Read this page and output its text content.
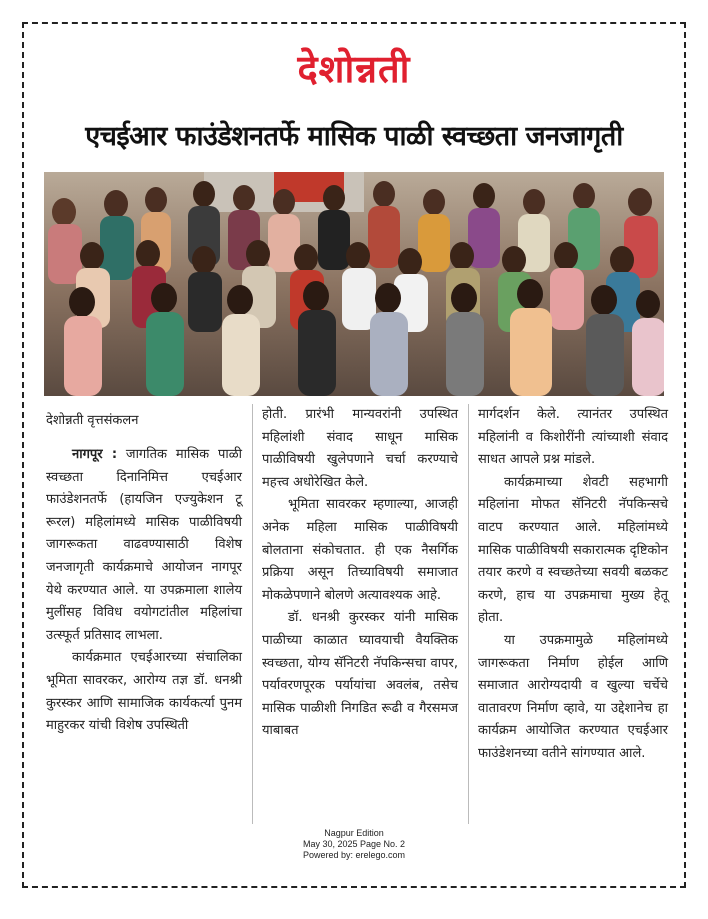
देशोन्नती
एचईआर फाउंडेशनतर्फे मासिक पाळी स्वच्छता जनजागृती
देशोन्नती वृत्तसंकलन

नागपूर : जागतिक मासिक पाळी स्वच्छता दिनानिमित्त एचईआर फाउंडेशनतर्फे (हायजिन एज्युकेशन टू रूरल) महिलांमध्ये मासिक पाळीविषयी जागरूकता वाढवण्यासाठी विशेष जनजागृती कार्यक्रमाचे आयोजन नागपूर येथे करण्यात आले. या उपक्रमाला शालेय मुलींसह विविध वयोगटांतील महिलांचा उत्स्फूर्त प्रतिसाद लाभला.

कार्यक्रमात एचईआरच्या संचालिका भूमिता सावरकर, आरोग्य तज्ञ डॉ. धनश्री कुरस्कर आणि सामाजिक कार्यकर्त्या पुनम माहुरकर यांची विशेष उपस्थिती

होती. प्रारंभी मान्यवरांनी उपस्थित महिलांशी संवाद साधून मासिक पाळीविषयी खुलेपणाने चर्चा करण्याचे महत्त्व अधोरेखित केले.

भूमिता सावरकर म्हणाल्या, आजही अनेक महिला मासिक पाळीविषयी बोलताना संकोचतात. ही एक नैसर्गिक प्रक्रिया असून तिच्याविषयी समाजात मोकळेपणाने बोलणे अत्यावश्यक आहे.

डॉ. धनश्री कुरस्कर यांनी मासिक पाळीच्या काळात घ्यावयाची वैयक्तिक स्वच्छता, योग्य सॅनिटरी नॅपकिन्सचा वापर, पर्यावरणपूरक पर्यायांचा अवलंब, तसेच मासिक पाळीशी निगडित रूढी व गैरसमज याबाबत

मार्गदर्शन केले. त्यानंतर उपस्थित महिलांनी व किशोरींनी त्यांच्याशी संवाद साधत आपले प्रश्न मांडले.

कार्यक्रमाच्या शेवटी सहभागी महिलांना मोफत सॅनिटरी नॅपकिन्सचे वाटप करण्यात आले. महिलांमध्ये मासिक पाळीविषयी सकारात्मक दृष्टिकोन तयार करणे व स्वच्छतेच्या सवयी बळकट करणे, हाच या उपक्रमाचा मुख्य हेतू होता.

या उपक्रमामुळे महिलांमध्ये जागरूकता निर्माण होईल आणि समाजात आरोग्यदायी व खुल्या चर्चेचे वातावरण निर्माण व्हावे, या उद्देशानेच हा कार्यक्रम आयोजित करण्यात एचईआर फाउंडेशनच्या वतीने सांगण्यात आले.

Nagpur Edition
May 30, 2025 Page No. 2
Powered by: erelego.com
